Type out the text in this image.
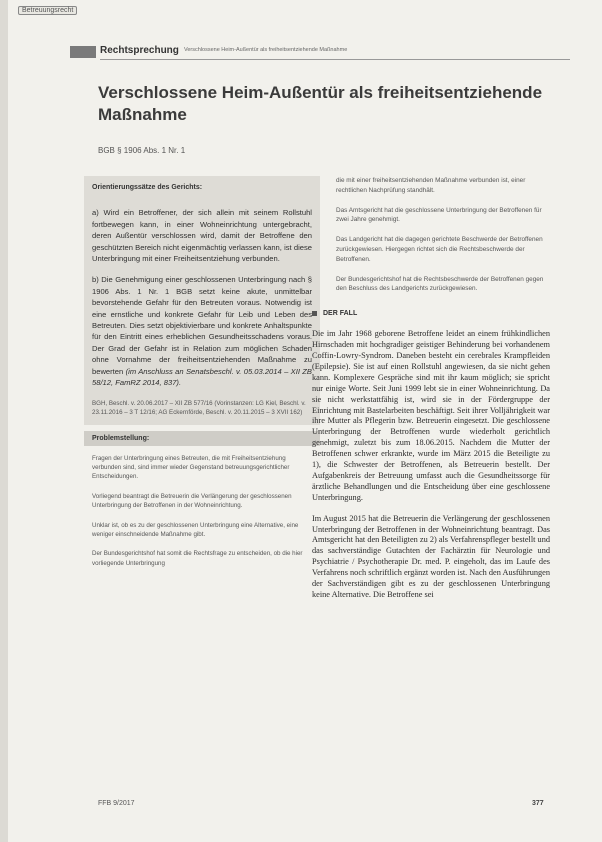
Betreuungsrecht
Rechtsprechung Verschlossene Heim-Außentür als freiheitsentziehende Maßnahme
Verschlossene Heim-Außentür als freiheitsentziehende Maßnahme
BGB § 1906 Abs. 1 Nr. 1
Orientierungssätze des Gerichts:

a) Wird ein Betroffener, der sich allein mit seinem Rollstuhl fortbewegen kann, in einer Wohneinrichtung untergebracht, deren Außentür verschlossen wird, damit der Betroffene den geschützten Bereich nicht eigenmächtig verlassen kann, ist diese Unterbringung mit einer Freiheitsentziehung verbunden.

b) Die Genehmigung einer geschlossenen Unterbringung nach § 1906 Abs. 1 Nr. 1 BGB setzt keine akute, unmittelbar bevorstehende Gefahr für den Betreuten voraus. Notwendig ist eine ernstliche und konkrete Gefahr für Leib und Leben des Betreuten. Dies setzt objektivierbare und konkrete Anhaltspunkte für den Eintritt eines erheblichen Gesundheitsschadens voraus. Der Grad der Gefahr ist in Relation zum möglichen Schaden ohne Vornahme der freiheitsentziehenden Maßnahme zu bewerten (im Anschluss an Senatsbeschl. v. 05.03.2014 – XII ZB 58/12, FamRZ 2014, 837).

BGH, Beschl. v. 20.06.2017 – XII ZB 577/16 (Vorinstanzen: LG Kiel, Beschl. v. 23.11.2016 – 3 T 12/16; AG Eckernförde, Beschl. v. 20.11.2015 – 3 XVII 162)
Problemstellung:

Fragen der Unterbringung eines Betreuten, die mit Freiheitsentziehung verbunden sind, sind immer wieder Gegenstand betreuungsgerichtlicher Entscheidungen.

Vorliegend beantragt die Betreuerin die Verlängerung der geschlossenen Unterbringung der Betroffenen in der Wohneinrichtung.

Unklar ist, ob es zu der geschlossenen Unterbringung eine Alternative, eine weniger einschneidende Maßnahme gibt.

Der Bundesgerichtshof hat somit die Rechtsfrage zu entscheiden, ob die hier vorliegende Unterbringung

die mit einer freiheitsentziehenden Maßnahme verbunden ist, einer rechtlichen Nachprüfung standhält.

Das Amtsgericht hat die geschlossene Unterbringung der Betroffenen für zwei Jahre genehmigt.

Das Landgericht hat die dagegen gerichtete Beschwerde der Betroffenen zurückgewiesen. Hiergegen richtet sich die Rechtsbeschwerde der Betroffenen.

Der Bundesgerichtshof hat die Rechtsbeschwerde der Betroffenen gegen den Beschluss des Landgerichts zurückgewiesen.

DER FALL

Die im Jahr 1968 geborene Betroffene leidet an einem frühkindlichen Hirnschaden mit hochgradiger geistiger Behinderung bei vorhandenem Coffin-Lowry-Syndrom. Daneben besteht ein cerebrales Krampfleiden (Epilepsie). Sie ist auf einen Rollstuhl angewiesen, da sie nicht gehen kann. Komplexere Gespräche sind mit ihr kaum möglich; sie spricht nur einige Worte. Seit Juni 1999 lebt sie in einer Wohneinrichtung. Da sie nicht werkstattfähig ist, wird sie in der Fördergruppe der Einrichtung mit Bastelarbeiten beschäftigt. Seit ihrer Volljährigkeit war ihre Mutter als Pflegerin bzw. Betreuerin eingesetzt. Die geschlossene Unterbringung der Betroffenen wurde wiederholt gerichtlich genehmigt, zuletzt bis zum 18.06.2015. Nachdem die Mutter der Betroffenen schwer erkrankte, wurde im März 2015 die Beteiligte zu 1), die Schwester der Betroffenen, als Betreuerin bestellt. Der Aufgabenkreis der Betreuung umfasst auch die Gesundheitssorge für ärztliche Behandlungen und die Entscheidung über eine geschlossene Unterbringung.

Im August 2015 hat die Betreuerin die Verlängerung der geschlossenen Unterbringung der Betroffenen in der Wohneinrichtung beantragt. Das Amtsgericht hat den Beteiligten zu 2) als Verfahrenspfleger bestellt und das sachverständige Gutachten der Fachärztin für Neurologie und Psychiatrie / Psychotherapie Dr. med. P. eingeholt, das im Laufe des Verfahrens noch schriftlich ergänzt worden ist. Nach den Ausführungen der Sachverständigen gibt es zu der geschlossenen Unterbringung keine Alternative. Die Betroffene sei

FFB 9/2017	377
